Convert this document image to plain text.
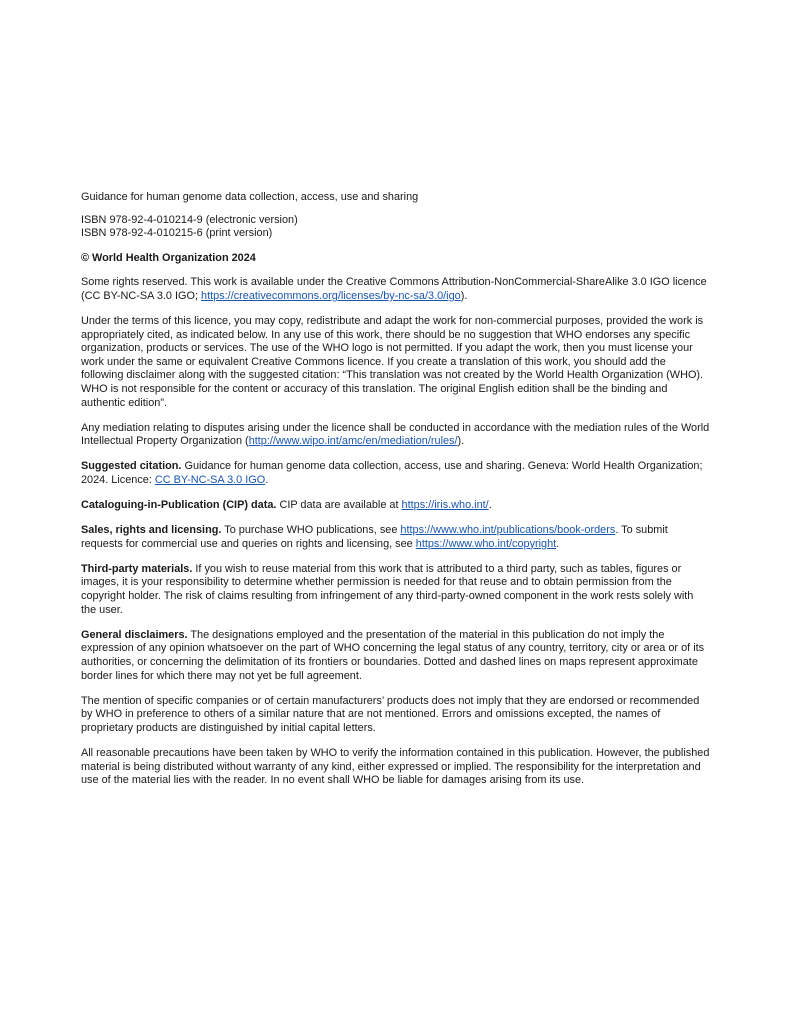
Guidance for human genome data collection, access, use and sharing

ISBN 978-92-4-010214-9 (electronic version)

ISBN 978-92-4-010215-6 (print version)

© World Health Organization 2024

Some rights reserved. This work is available under the Creative Commons Attribution-NonCommercial-ShareAlike 3.0 IGO licence (CC BY-NC-SA 3.0 IGO; https://creativecommons.org/licenses/by-nc-sa/3.0/igo).

Under the terms of this licence, you may copy, redistribute and adapt the work for non-commercial purposes, provided the work is appropriately cited, as indicated below. In any use of this work, there should be no suggestion that WHO endorses any specific organization, products or services. The use of the WHO logo is not permitted. If you adapt the work, then you must license your work under the same or equivalent Creative Commons licence. If you create a translation of this work, you should add the following disclaimer along with the suggested citation: “This translation was not created by the World Health Organization (WHO). WHO is not responsible for the content or accuracy of this translation. The original English edition shall be the binding and authentic edition”.

Any mediation relating to disputes arising under the licence shall be conducted in accordance with the mediation rules of the World Intellectual Property Organization (http://www.wipo.int/amc/en/mediation/rules/).

Suggested citation. Guidance for human genome data collection, access, use and sharing. Geneva: World Health Organization; 2024. Licence: CC BY-NC-SA 3.0 IGO.

Cataloguing-in-Publication (CIP) data. CIP data are available at https://iris.who.int/.

Sales, rights and licensing. To purchase WHO publications, see https://www.who.int/publications/book-orders. To submit requests for commercial use and queries on rights and licensing, see https://www.who.int/copyright.

Third-party materials. If you wish to reuse material from this work that is attributed to a third party, such as tables, figures or images, it is your responsibility to determine whether permission is needed for that reuse and to obtain permission from the copyright holder. The risk of claims resulting from infringement of any third-party-owned component in the work rests solely with the user.

General disclaimers. The designations employed and the presentation of the material in this publication do not imply the expression of any opinion whatsoever on the part of WHO concerning the legal status of any country, territory, city or area or of its authorities, or concerning the delimitation of its frontiers or boundaries. Dotted and dashed lines on maps represent approximate border lines for which there may not yet be full agreement.

The mention of specific companies or of certain manufacturers’ products does not imply that they are endorsed or recommended by WHO in preference to others of a similar nature that are not mentioned. Errors and omissions excepted, the names of proprietary products are distinguished by initial capital letters.

All reasonable precautions have been taken by WHO to verify the information contained in this publication. However, the published material is being distributed without warranty of any kind, either expressed or implied. The responsibility for the interpretation and use of the material lies with the reader. In no event shall WHO be liable for damages arising from its use.
